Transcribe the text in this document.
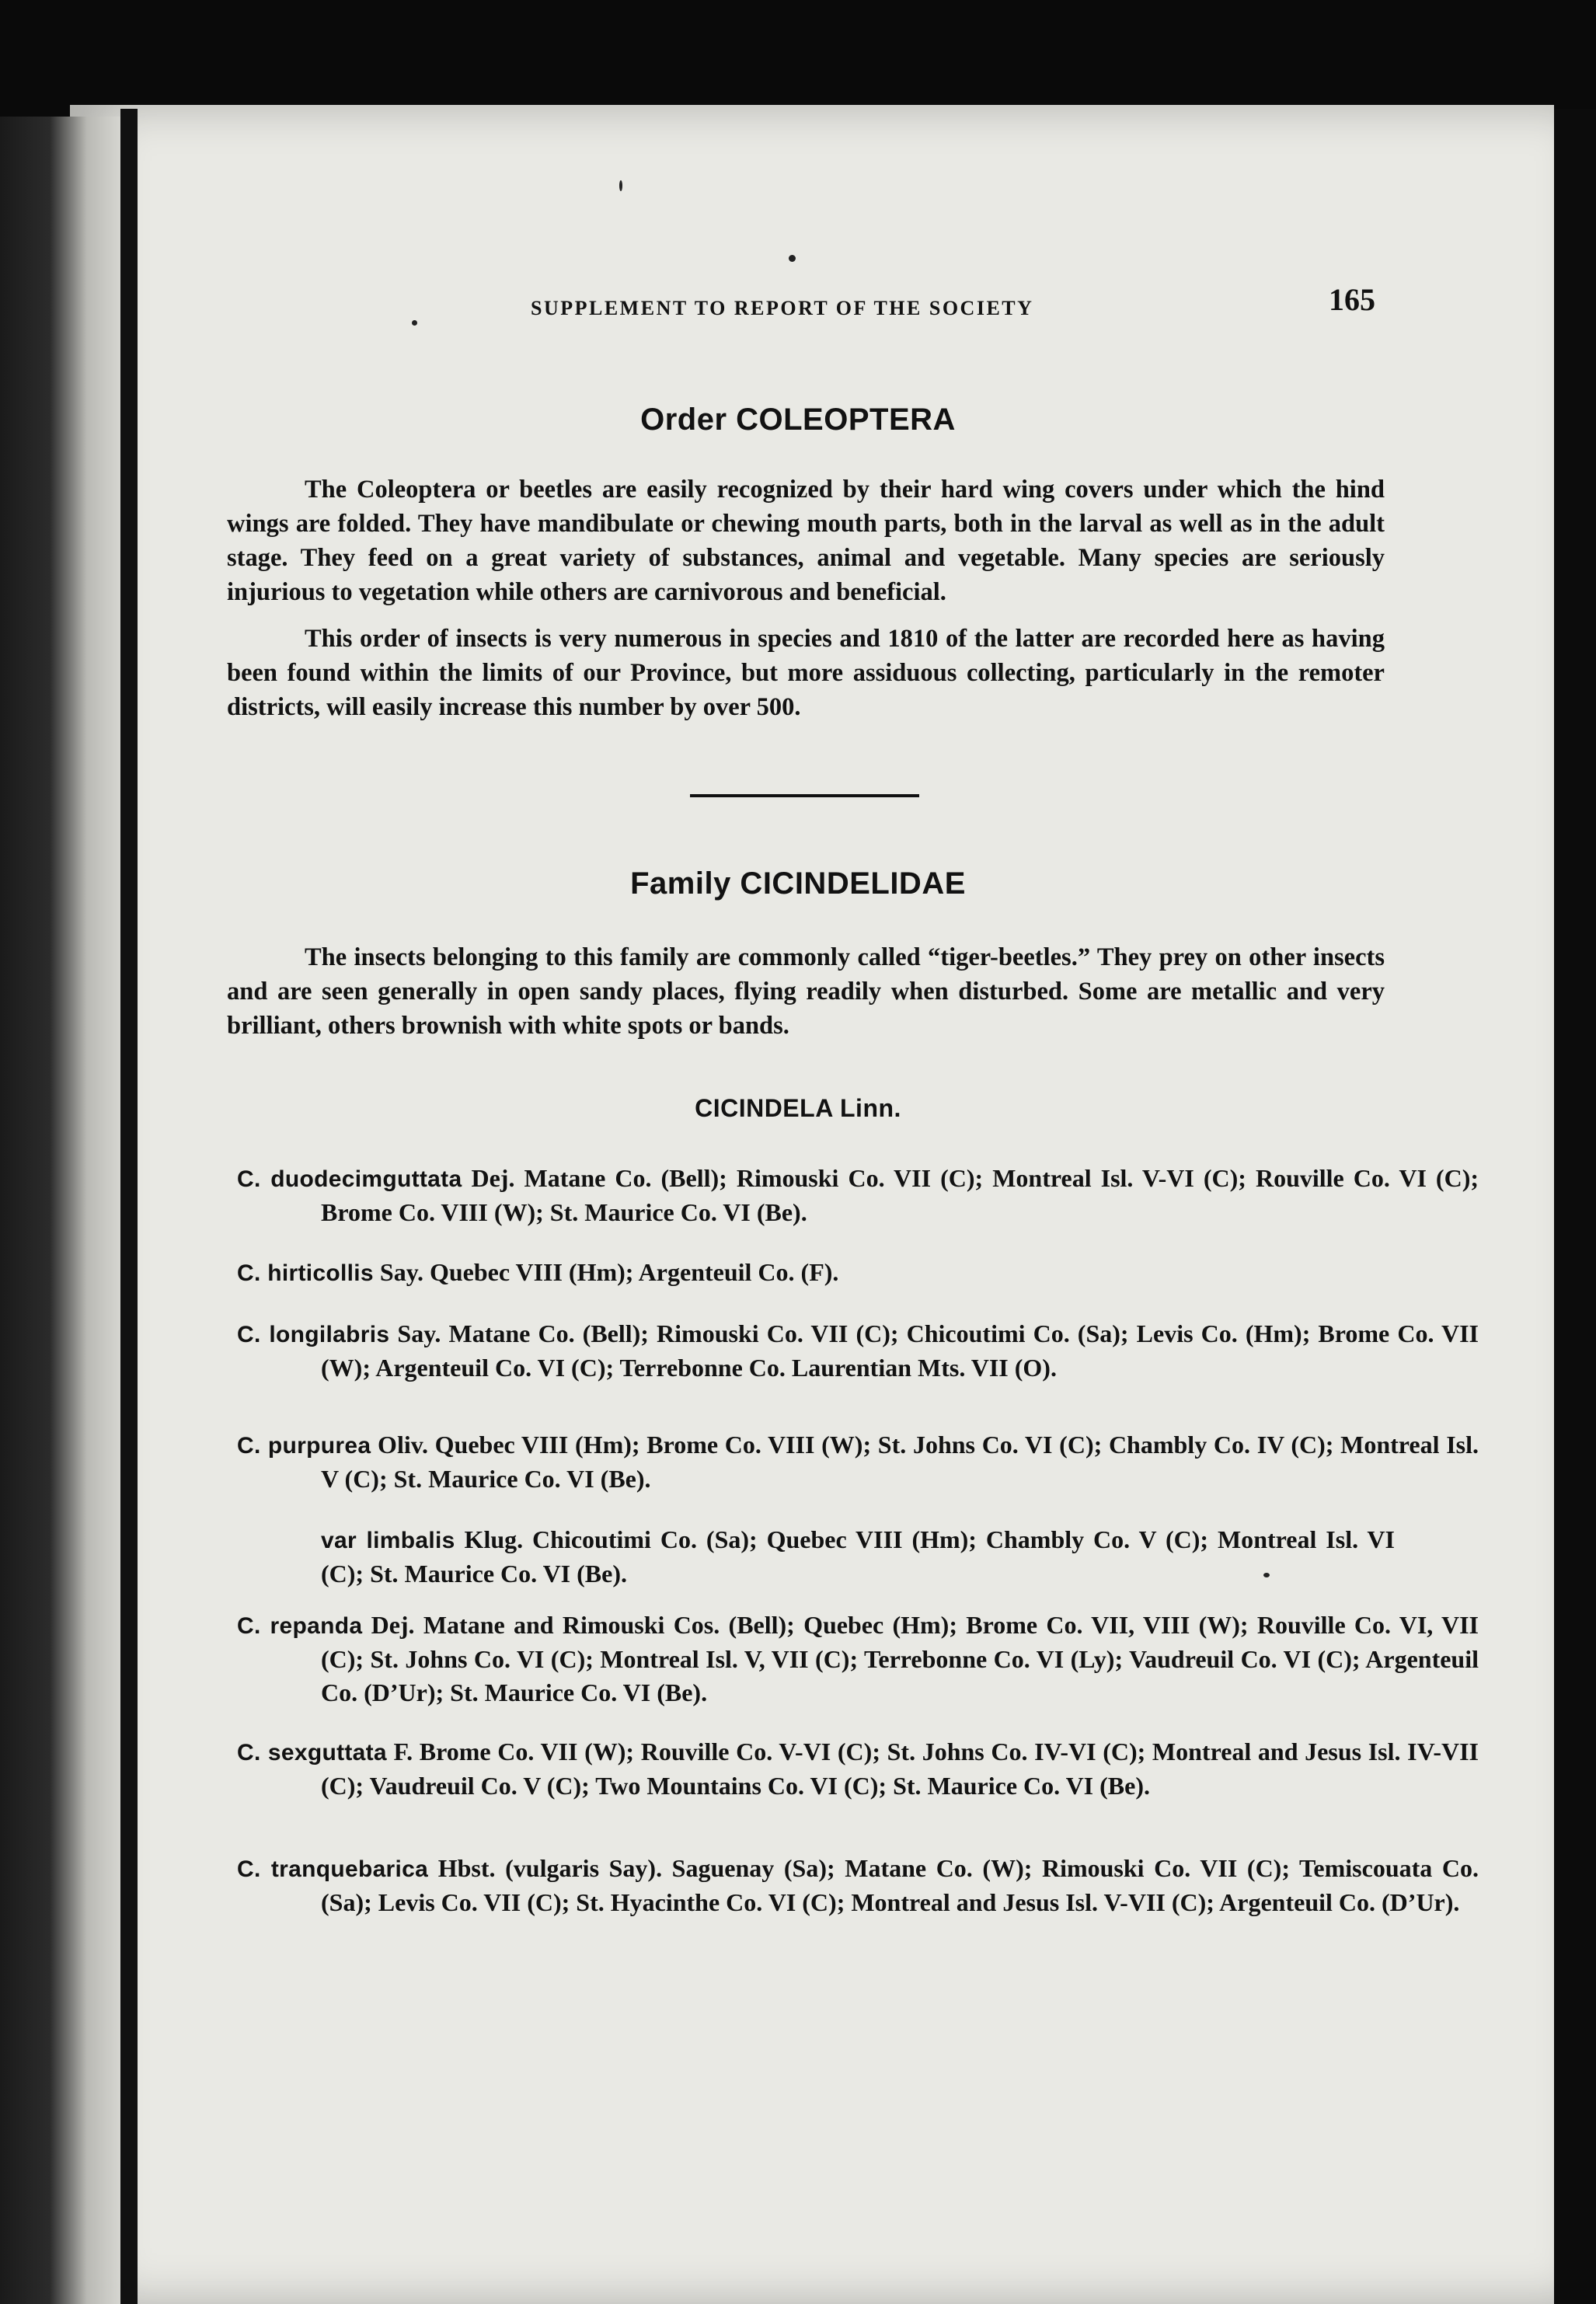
SUPPLEMENT TO REPORT OF THE SOCIETY	165
Order COLEOPTERA
The Coleoptera or beetles are easily recognized by their hard wing covers under which the hind wings are folded. They have mandibulate or chewing mouth parts, both in the larval as well as in the adult stage. They feed on a great variety of substances, animal and vegetable. Many species are seriously injurious to vegetation while others are carnivorous and beneficial.
This order of insects is very numerous in species and 1810 of the latter are recorded here as having been found within the limits of our Province, but more assiduous collecting, particularly in the remoter districts, will easily increase this number by over 500.
Family CICINDELIDAE
The insects belonging to this family are commonly called “tiger-beetles.” They prey on other insects and are seen generally in open sandy places, flying readily when disturbed. Some are metallic and very brilliant, others brownish with white spots or bands.
CICINDELA Linn.
C. duodecimguttata Dej. Matane Co. (Bell); Rimouski Co. VII (C); Montreal Isl. V-VI (C); Rouville Co. VI (C); Brome Co. VIII (W); St. Maurice Co. VI (Be).
C. hirticollis Say. Quebec VIII (Hm); Argenteuil Co. (F).
C. longilabris Say. Matane Co. (Bell); Rimouski Co. VII (C); Chicoutimi Co. (Sa); Levis Co. (Hm); Brome Co. VII (W); Argenteuil Co. VI (C); Terrebonne Co. Laurentian Mts. VII (O).
C. purpurea Oliv. Quebec VIII (Hm); Brome Co. VIII (W); St. Johns Co. VI (C); Chambly Co. IV (C); Montreal Isl. V (C); St. Maurice Co. VI (Be).
var limbalis Klug. Chicoutimi Co. (Sa); Quebec VIII (Hm); Chambly Co. V (C); Montreal Isl. VI (C); St. Maurice Co. VI (Be).
C. repanda Dej. Matane and Rimouski Cos. (Bell); Quebec (Hm); Brome Co. VII, VIII (W); Rouville Co. VI, VII (C); St. Johns Co. VI (C); Montreal Isl. V, VII (C); Terrebonne Co. VI (Ly); Vaudreuil Co. VI (C); Argenteuil Co. (D’Ur); St. Maurice Co. VI (Be).
C. sexguttata F. Brome Co. VII (W); Rouville Co. V-VI (C); St. Johns Co. IV-VI (C); Montreal and Jesus Isl. IV-VII (C); Vaudreuil Co. V (C); Two Mountains Co. VI (C); St. Maurice Co. VI (Be).
C. tranquebarica Hbst. (vulgaris Say). Saguenay (Sa); Matane Co. (W); Rimouski Co. VII (C); Temiscouata Co. (Sa); Levis Co. VII (C); St. Hyacinthe Co. VI (C); Montreal and Jesus Isl. V-VII (C); Argenteuil Co. (D’Ur).
